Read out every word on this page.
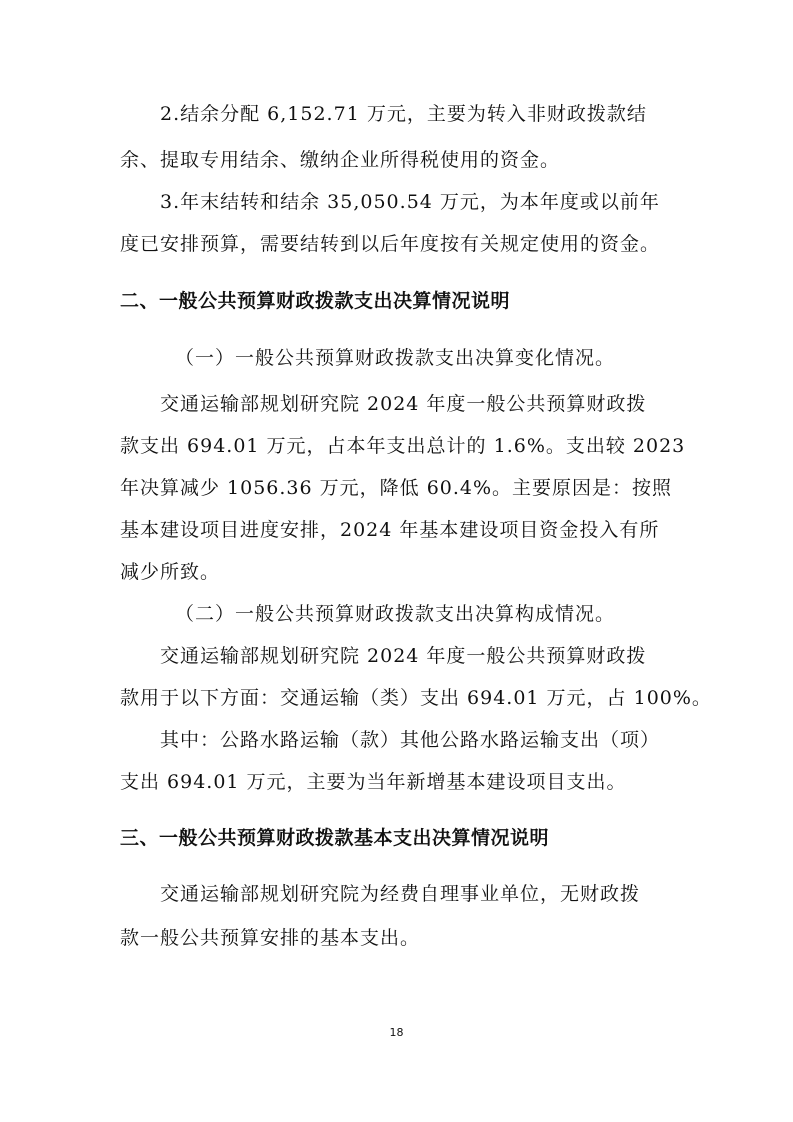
2.结余分配 6,152.71 万元，主要为转入非财政拨款结
余、提取专用结余、缴纳企业所得税使用的资金。
3.年末结转和结余 35,050.54 万元，为本年度或以前年
度已安排预算，需要结转到以后年度按有关规定使用的资金。
二、一般公共预算财政拨款支出决算情况说明
（一）一般公共预算财政拨款支出决算变化情况。
交通运输部规划研究院 2024 年度一般公共预算财政拨
款支出 694.01 万元，占本年支出总计的 1.6%。支出较 2023
年决算减少 1056.36 万元，降低 60.4%。主要原因是：按照
基本建设项目进度安排，2024 年基本建设项目资金投入有所
减少所致。
（二）一般公共预算财政拨款支出决算构成情况。
交通运输部规划研究院 2024 年度一般公共预算财政拨
款用于以下方面：交通运输（类）支出 694.01 万元，占 100%。
其中：公路水路运输（款）其他公路水路运输支出（项）
支出 694.01 万元，主要为当年新增基本建设项目支出。
三、一般公共预算财政拨款基本支出决算情况说明
交通运输部规划研究院为经费自理事业单位，无财政拨
款一般公共预算安排的基本支出。
18
